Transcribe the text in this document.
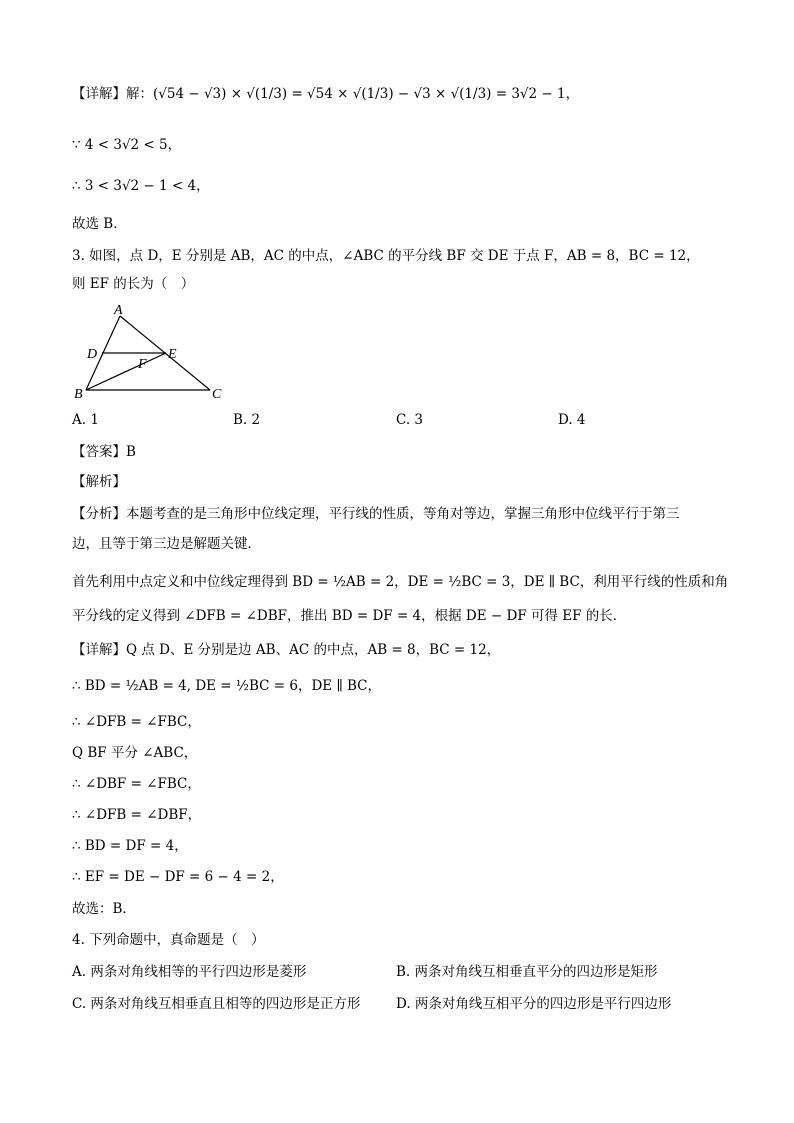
【详解】解：(√54 − √3) × √(1/3) = √54 × √(1/3) − √3 × √(1/3) = 3√2 − 1，
∵ 4 < 3√2 < 5，
∴ 3 < 3√2 − 1 < 4，
故选 B．
3. 如图，点 D，E 分别是 AB，AC 的中点，∠ABC 的平分线 BF 交 DE 于点 F，AB = 8，BC = 12，
则 EF 的长为（　）
A
D	E
F
B	C
A. 1	B. 2	C. 3	D. 4
【答案】B
【解析】
【分析】本题考查的是三角形中位线定理，平行线的性质，等角对等边，掌握三角形中位线平行于第三
边，且等于第三边是解题关键．
首先利用中点定义和中位线定理得到 BD = ½AB = 2，DE = ½BC = 3，DE ∥ BC，利用平行线的性质和角
平分线的定义得到 ∠DFB = ∠DBF，推出 BD = DF = 4，根据 DE − DF 可得 EF 的长．
【详解】Q 点 D、E 分别是边 AB、AC 的中点，AB = 8，BC = 12，
∴ BD = ½AB = 4, DE = ½BC = 6，DE ∥ BC，
∴ ∠DFB = ∠FBC，
Q BF 平分 ∠ABC，
∴ ∠DBF = ∠FBC，
∴ ∠DFB = ∠DBF，
∴ BD = DF = 4，
∴ EF = DE − DF = 6 − 4 = 2，
故选：B．
4. 下列命题中，真命题是（　）
A. 两条对角线相等的平行四边形是菱形	B. 两条对角线互相垂直平分的四边形是矩形
C. 两条对角线互相垂直且相等的四边形是正方形	D. 两条对角线互相平分的四边形是平行四边形
